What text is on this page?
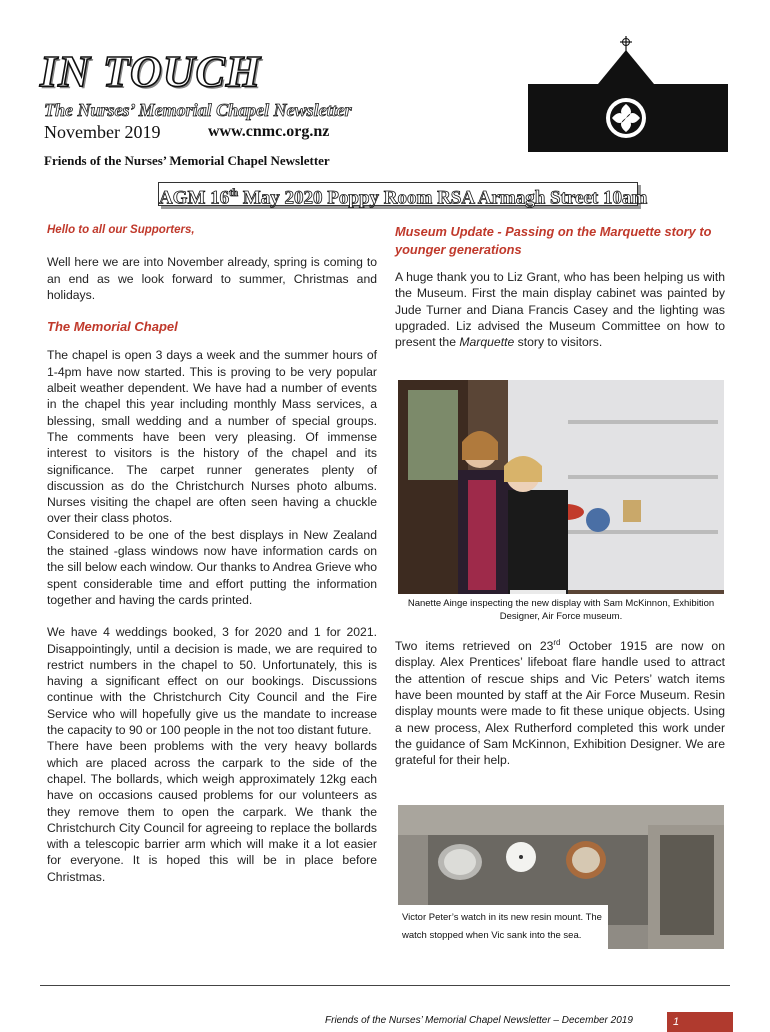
IN TOUCH
The Nurses’ Memorial Chapel Newsletter
November 2019	www.cnmc.org.nz
Friends of the Nurses’ Memorial Chapel Newsletter
AGM 16th May 2020 Poppy Room RSA Armagh Street 10am

Hello to all our Supporters,

Well here we are into November already, spring is coming to an end as we look forward to summer, Christmas and holidays.

The Memorial Chapel

The chapel is open 3 days a week and the summer hours of 1-4pm have now started. This is proving to be very popular albeit weather dependent. We have had a number of events in the chapel this year including monthly Mass services, a blessing, small wedding and a number of special groups. The comments have been very pleasing. Of immense interest to visitors is the history of the chapel and its significance. The carpet runner generates plenty of discussion as do the Christchurch Nurses photo albums. Nurses visiting the chapel are often seen having a chuckle over their class photos.

Considered to be one of the best displays in New Zealand the stained -glass windows now have information cards on the sill below each window. Our thanks to Andrea Grieve who spent considerable time and effort putting the information together and having the cards printed.

We have 4 weddings booked, 3 for 2020 and 1 for 2021. Disappointingly, until a decision is made, we are required to restrict numbers in the chapel to 50. Unfortunately, this is having a significant effect on our bookings. Discussions continue with the Christchurch City Council and the Fire Service who will hopefully give us the mandate to increase the capacity to 90 or 100 people in the not too distant future.

There have been problems with the very heavy bollards which are placed across the carpark to the side of the chapel. The bollards, which weigh approximately 12kg each have on occasions caused problems for our volunteers as they remove them to open the carpark. We thank the Christchurch City Council for agreeing to replace the bollards with a telescopic barrier arm which will make it a lot easier for everyone. It is hoped this will be in place before Christmas.

Museum Update - Passing on the Marquette story to younger generations

A huge thank you to Liz Grant, who has been helping us with the Museum. First the main display cabinet was painted by Jude Turner and Diana Francis Casey and the lighting was upgraded. Liz advised the Museum Committee on how to present the Marquette story to visitors.

Nanette Ainge inspecting the new display with Sam McKinnon, Exhibition Designer, Air Force museum.

Two items retrieved on 23rd October 1915 are now on display. Alex Prentices’ lifeboat flare handle used to attract the attention of rescue ships and Vic Peters’ watch items have been mounted by staff at the Air Force Museum. Resin display mounts were made to fit these unique objects. Using a new process, Alex Rutherford completed this work under the guidance of Sam McKinnon, Exhibition Designer. We are grateful for their help.

Victor Peter’s watch in its new resin mount. The watch stopped when Vic sank into the sea.
Friends of the Nurses’ Memorial Chapel Newsletter – December 2019	1
